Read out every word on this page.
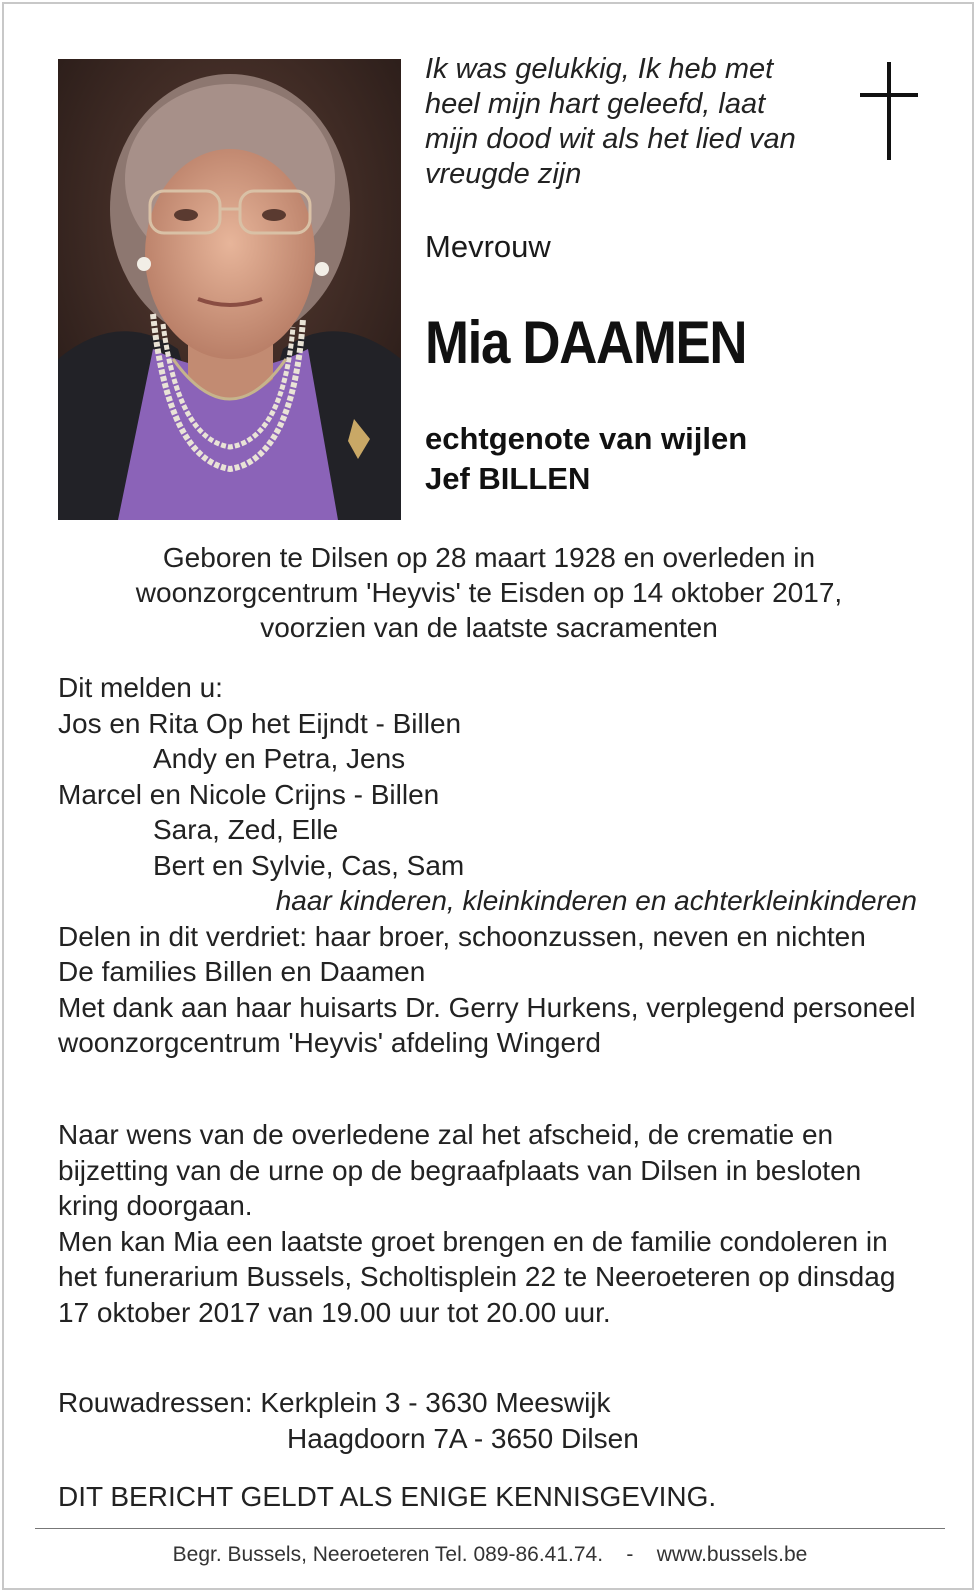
Ik was gelukkig, Ik heb met
heel mijn hart geleefd, laat
mijn dood wit als het lied van
vreugde zijn

Mevrouw

Mia DAAMEN

echtgenote van wijlen
Jef BILLEN
Geboren te Dilsen op 28 maart 1928 en overleden in
woonzorgcentrum 'Heyvis' te Eisden op 14 oktober 2017,
voorzien van de laatste sacramenten
Dit melden u:
Jos en Rita Op het Eijndt - Billen
Andy en Petra, Jens
Marcel en Nicole Crijns - Billen
Sara, Zed, Elle
Bert en Sylvie, Cas, Sam
haar kinderen, kleinkinderen en achterkleinkinderen
Delen in dit verdriet: haar broer, schoonzussen, neven en nichten
De families Billen en Daamen
Met dank aan haar huisarts Dr. Gerry Hurkens, verplegend personeel woonzorgcentrum 'Heyvis' afdeling Wingerd
Naar wens van de overledene zal het afscheid, de crematie en bijzetting van de urne op de begraafplaats van Dilsen in besloten kring doorgaan.
Men kan Mia een laatste groet brengen en de familie condoleren in het funerarium Bussels, Scholtisplein 22 te Neeroeteren op dinsdag 17 oktober 2017 van 19.00 uur tot 20.00 uur.
Rouwadressen: Kerkplein 3 - 3630 Meeswijk
Haagdoorn 7A - 3650 Dilsen
DIT BERICHT GELDT ALS ENIGE KENNISGEVING.
Begr. Bussels, Neeroeteren Tel. 089-86.41.74. - www.bussels.be
